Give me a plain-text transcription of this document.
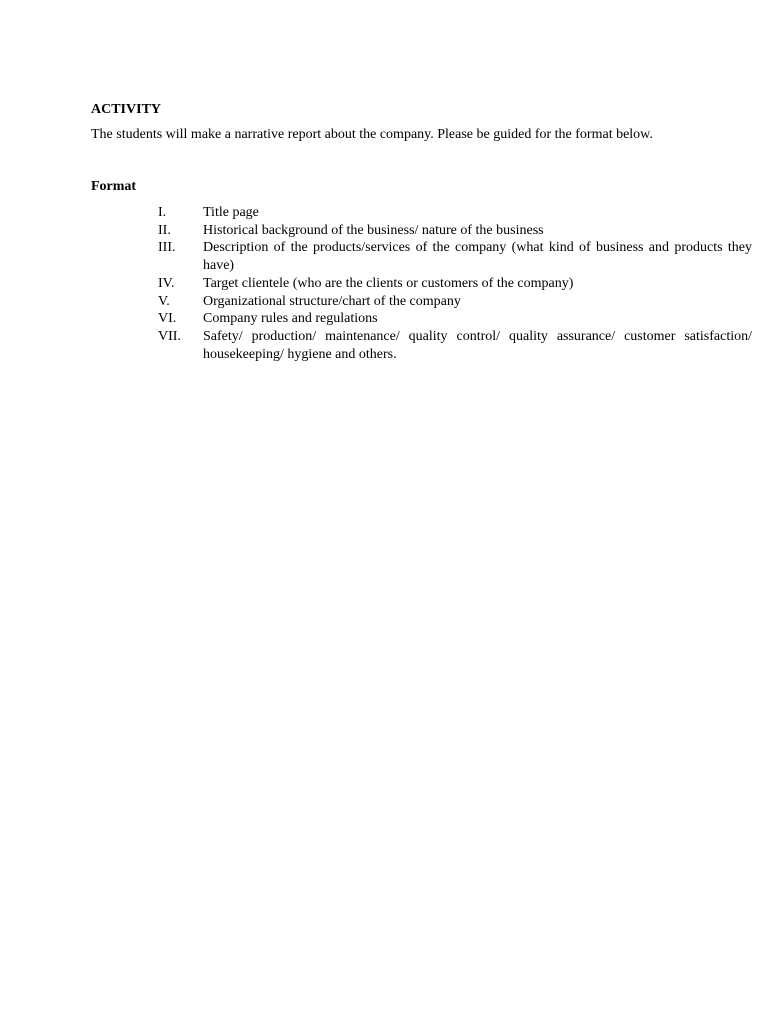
ACTIVITY
The students will make a narrative report about the company. Please be guided for the format below.
Format
I.	Title page
II.	Historical background of the business/ nature of the business
III.	Description of the products/services of the company (what kind of business and products they have)
IV.	Target clientele (who are the clients or customers of the company)
V.	Organizational structure/chart of the company
VI.	Company rules and regulations
VII.	Safety/ production/ maintenance/ quality control/ quality assurance/ customer satisfaction/ housekeeping/ hygiene and others.
